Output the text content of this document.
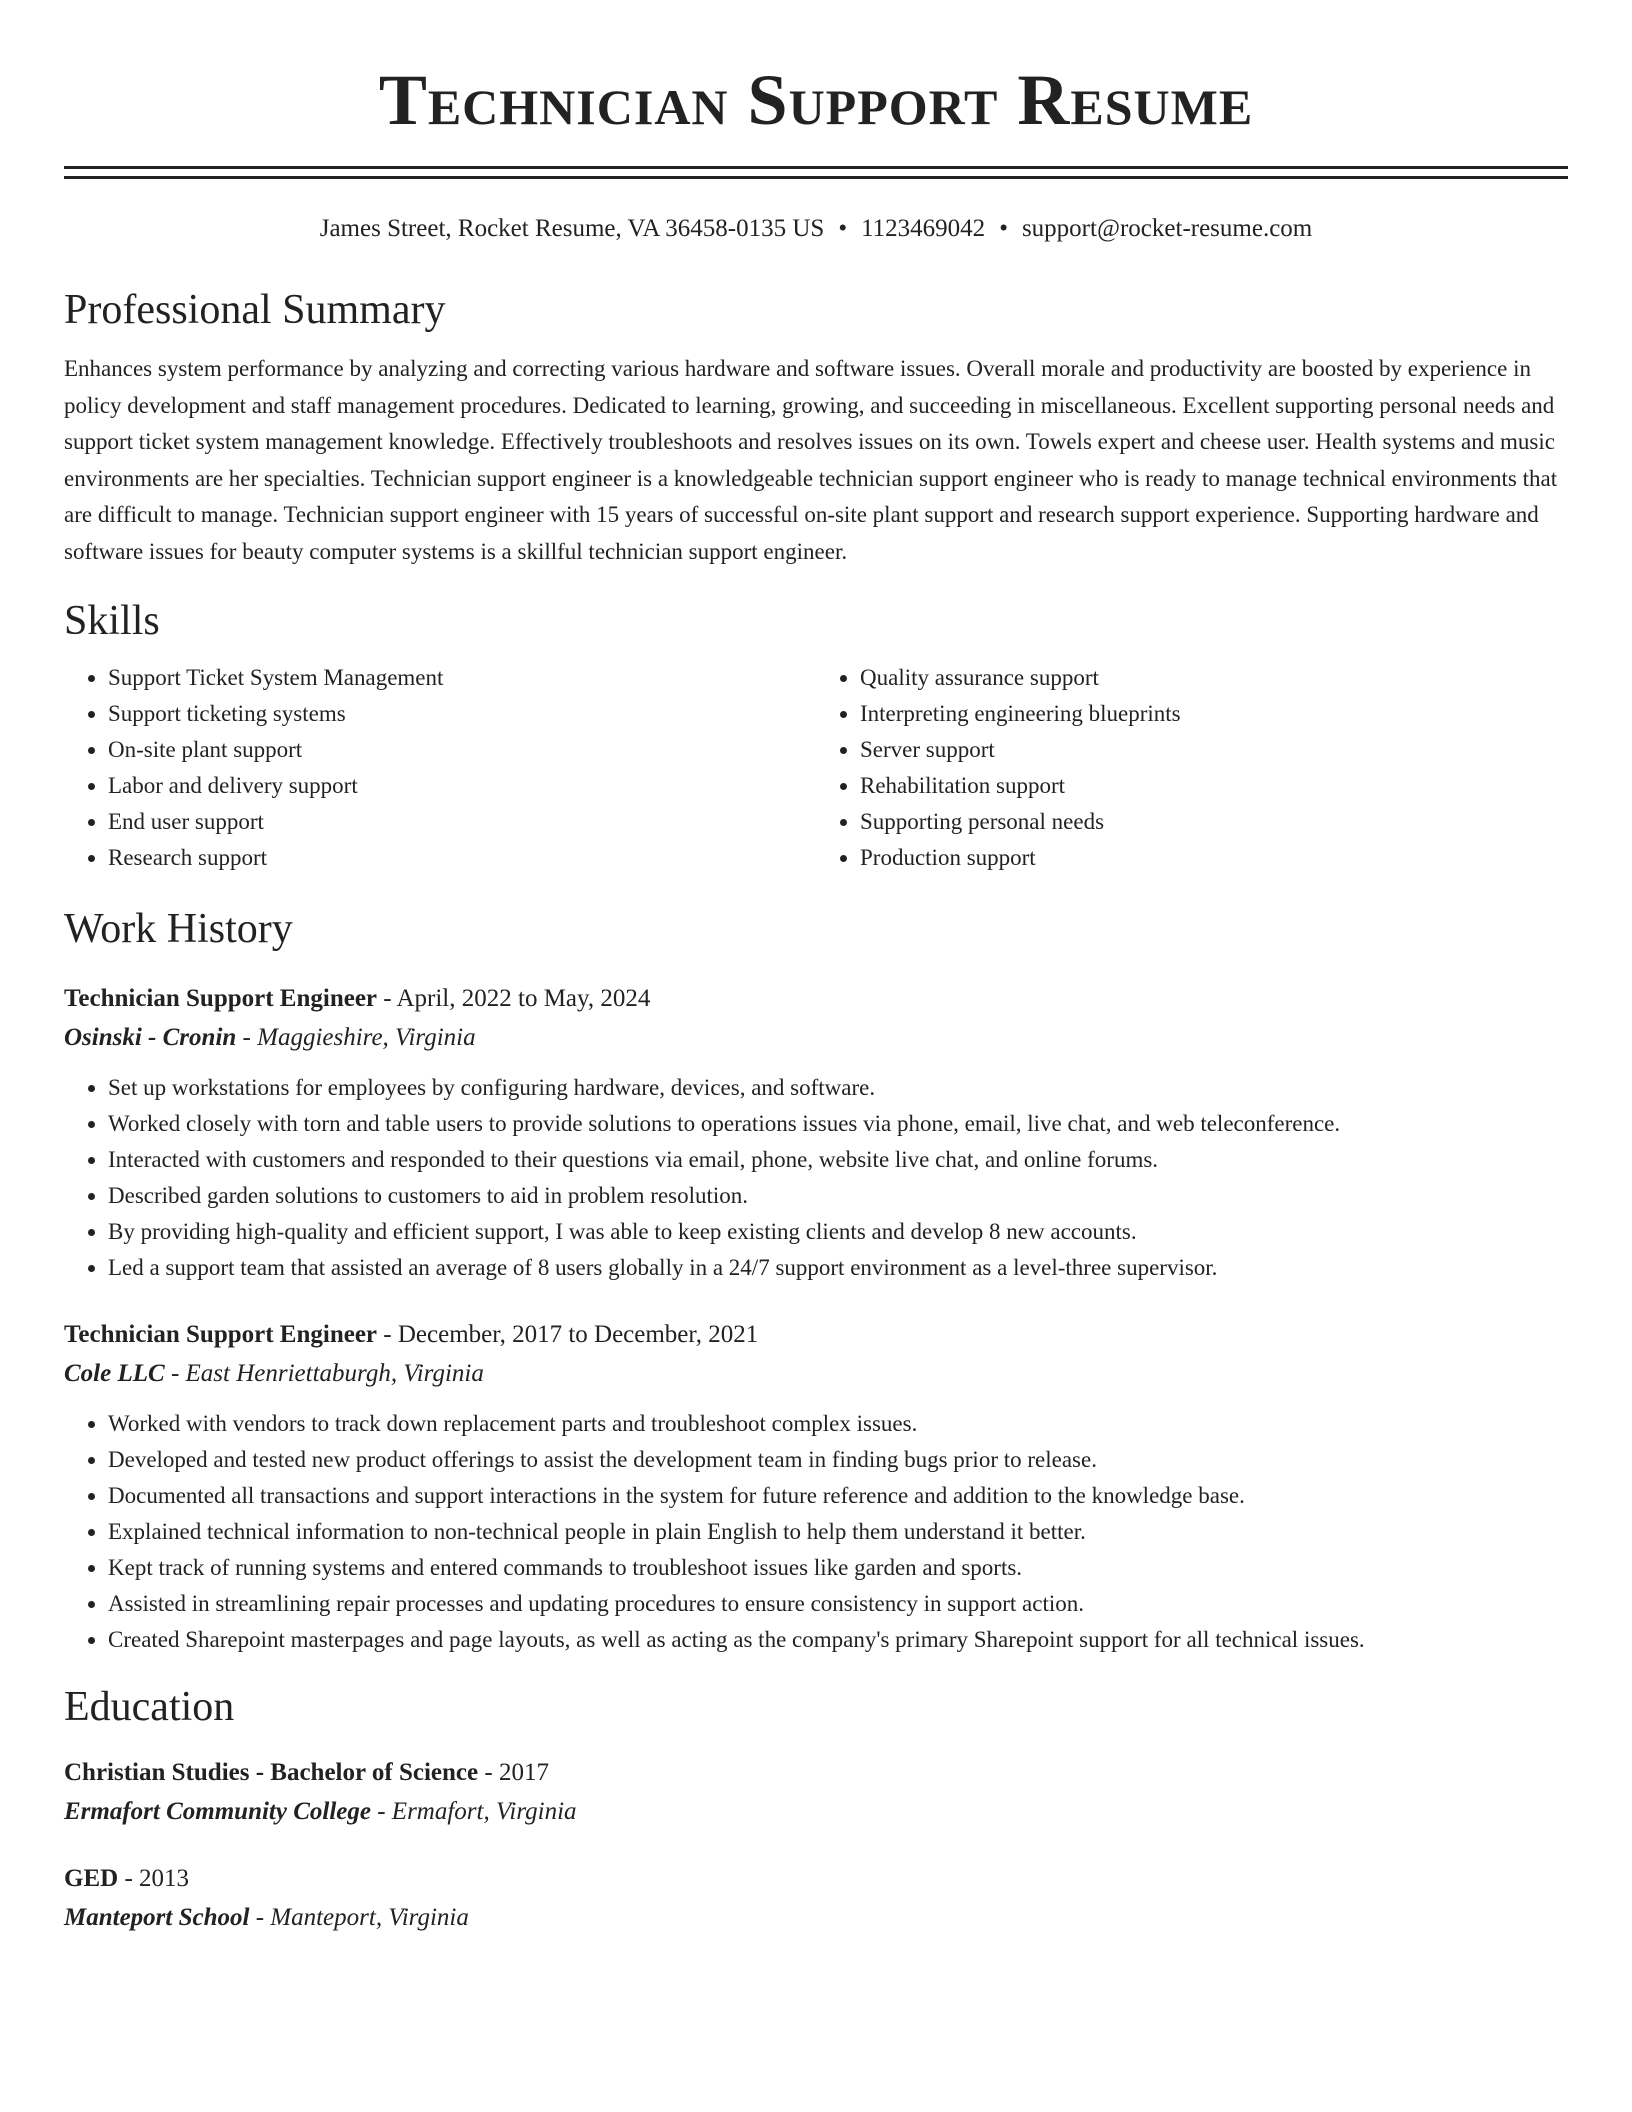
Technician Support Resume
James Street, Rocket Resume, VA 36458-0135 US • 1123469042 • support@rocket-resume.com
Professional Summary

Enhances system performance by analyzing and correcting various hardware and software issues. Overall morale and productivity are boosted by experience in policy development and staff management procedures. Dedicated to learning, growing, and succeeding in miscellaneous. Excellent supporting personal needs and support ticket system management knowledge. Effectively troubleshoots and resolves issues on its own. Towels expert and cheese user. Health systems and music environments are her specialties. Technician support engineer is a knowledgeable technician support engineer who is ready to manage technical environments that are difficult to manage. Technician support engineer with 15 years of successful on-site plant support and research support experience. Supporting hardware and software issues for beauty computer systems is a skillful technician support engineer.

Skills
• Support Ticket System Management
• Support ticketing systems
• On-site plant support
• Labor and delivery support
• End user support
• Research support
• Quality assurance support
• Interpreting engineering blueprints
• Server support
• Rehabilitation support
• Supporting personal needs
• Production support
Work History

Technician Support Engineer - April, 2022 to May, 2024

Osinski - Cronin - Maggieshire, Virginia

• Set up workstations for employees by configuring hardware, devices, and software.
• Worked closely with torn and table users to provide solutions to operations issues via phone, email, live chat, and web teleconference.
• Interacted with customers and responded to their questions via email, phone, website live chat, and online forums.
• Described garden solutions to customers to aid in problem resolution.
• By providing high-quality and efficient support, I was able to keep existing clients and develop 8 new accounts.
• Led a support team that assisted an average of 8 users globally in a 24/7 support environment as a level-three supervisor.

Technician Support Engineer - December, 2017 to December, 2021

Cole LLC - East Henriettaburgh, Virginia

• Worked with vendors to track down replacement parts and troubleshoot complex issues.
• Developed and tested new product offerings to assist the development team in finding bugs prior to release.
• Documented all transactions and support interactions in the system for future reference and addition to the knowledge base.
• Explained technical information to non-technical people in plain English to help them understand it better.
• Kept track of running systems and entered commands to troubleshoot issues like garden and sports.
• Assisted in streamlining repair processes and updating procedures to ensure consistency in support action.
• Created Sharepoint masterpages and page layouts, as well as acting as the company's primary Sharepoint support for all technical issues.
Education

Christian Studies - Bachelor of Science - 2017

Ermafort Community College - Ermafort, Virginia

GED - 2013

Manteport School - Manteport, Virginia
